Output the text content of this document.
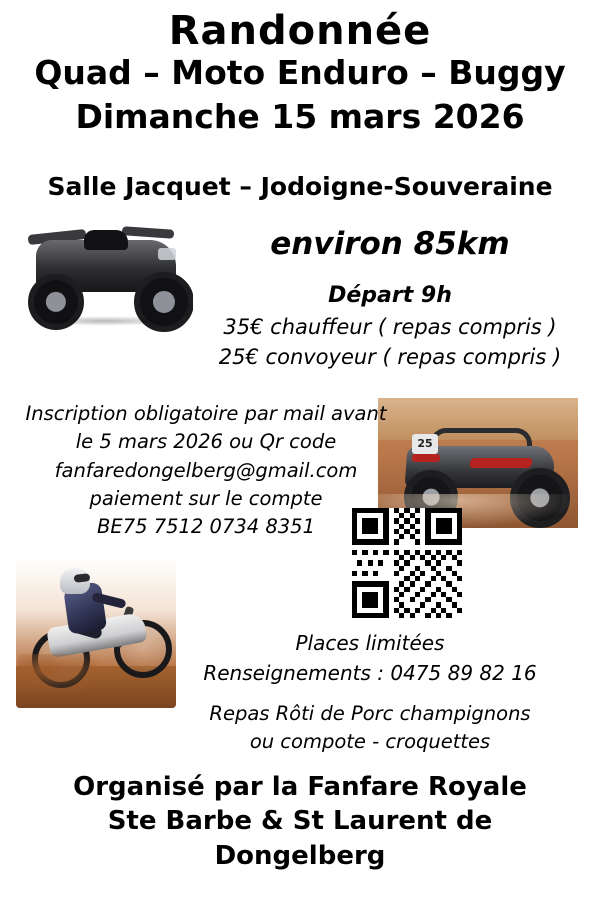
Randonnée
Quad – Moto Enduro – Buggy
Dimanche 15 mars 2026
Salle Jacquet – Jodoigne-Souveraine
environ 85km
Départ 9h
35€ chauffeur ( repas compris )
25€ convoyeur ( repas compris )
25
Inscription obligatoire par mail avant
le 5 mars 2026 ou Qr code
fanfaredongelberg@gmail.com
paiement sur le compte
BE75 7512 0734 8351
Places limitées
Renseignements : 0475 89 82 16
Repas Rôti de Porc champignons
ou compote - croquettes
Organisé par la Fanfare Royale
Ste Barbe & St Laurent de
Dongelberg
